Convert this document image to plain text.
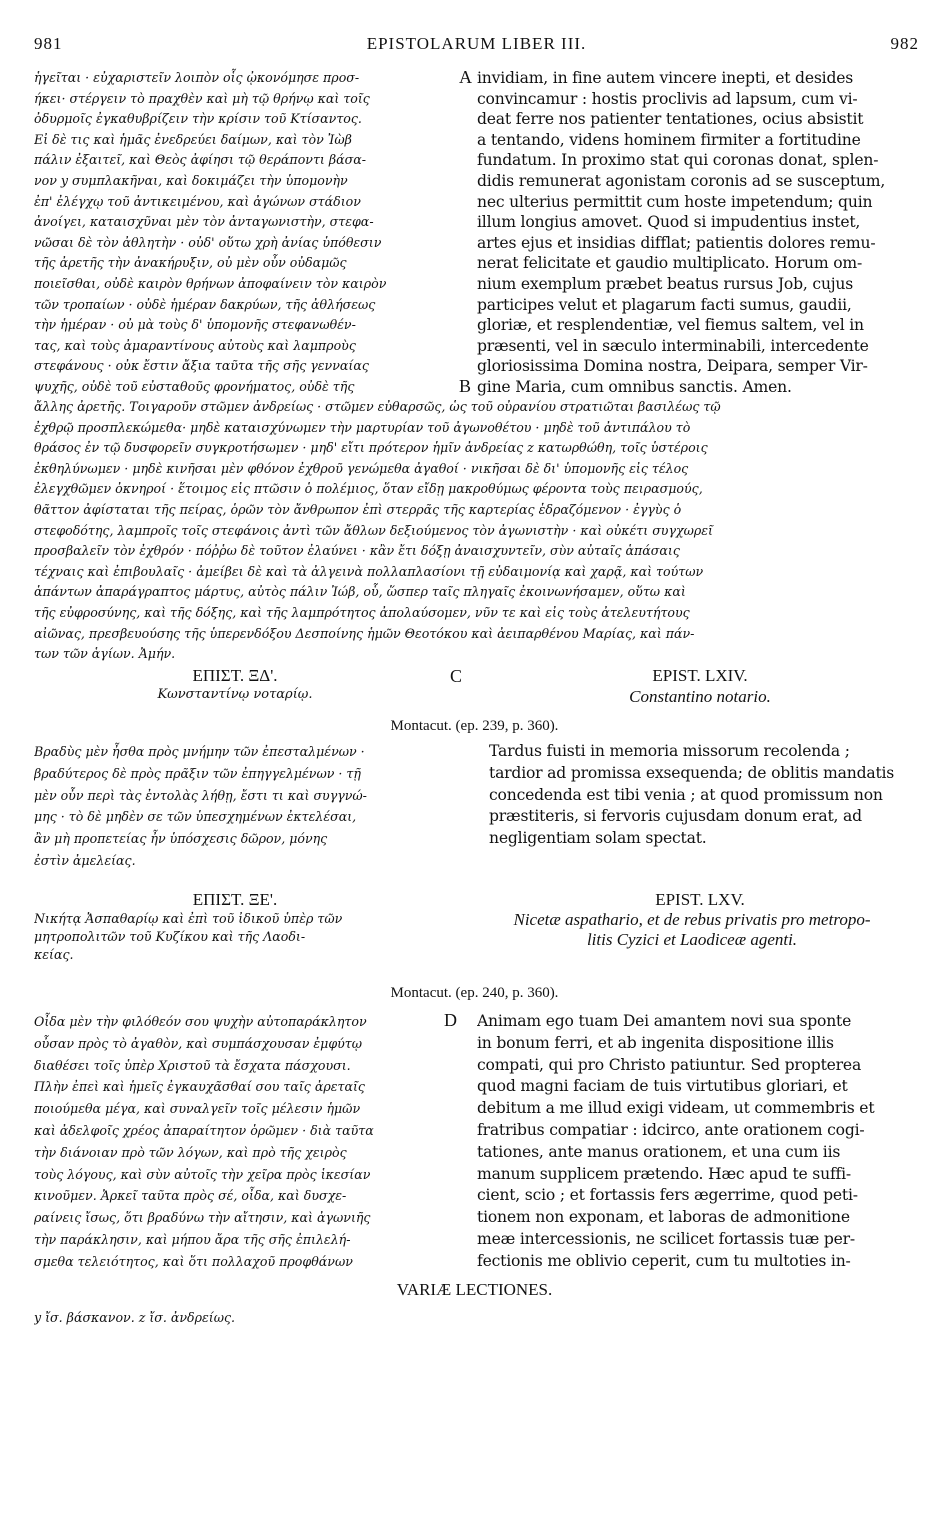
981	EPISTOLARUM LIBER III.	982
ἡγεῖται · εὐχαριστεῖν λοιπὸν οἷς ᾠκονόμησε προσ-
ήκει· στέργειν τὸ πραχθὲν καὶ μὴ τῷ θρήνῳ καὶ τοῖς
ὀδυρμοῖς ἐγκαθυβρίζειν τὴν κρίσιν τοῦ Κτίσαντος.
Εἰ δὲ τις καὶ ἡμᾶς ἐνεδρεύει δαίμων, καὶ τὸν Ἰὼβ
πάλιν ἐξαιτεῖ, καὶ Θεὸς ἀφίησι τῷ θεράποντι βάσα-
νον y συμπλακῆναι, καὶ δοκιμάζει τὴν ὑπομονὴν
ἐπ' ἐλέγχῳ τοῦ ἀντικειμένου, καὶ ἀγώνων στάδιον
ἀνοίγει, καταισχῦναι μὲν τὸν ἀνταγωνιστὴν, στεφα-
νῶσαι δὲ τὸν ἀθλητὴν · οὐδ' οὕτω χρὴ ἀνίας ὑπόθεσιν
τῆς ἀρετῆς τὴν ἀνακήρυξιν, οὐ μὲν οὖν οὐδαμῶς
ποιεῖσθαι, οὐδὲ καιρὸν θρήνων ἀποφαίνειν τὸν καιρὸν
τῶν τροπαίων · οὐδὲ ἡμέραν δακρύων, τῆς ἀθλήσεως
τὴν ἡμέραν · οὐ μὰ τοὺς δ' ὑπομονῆς στεφανωθέν-
τας, καὶ τοὺς ἀμαραντίνους αὐτοὺς καὶ λαμπροὺς
στεφάνους · οὐκ ἔστιν ἄξια ταῦτα τῆς σῆς γενναίας
ψυχῆς, οὐδὲ τοῦ εὐσταθοῦς φρονήματος, οὐδὲ τῆς
A
B
invidiam, in fine autem vincere inepti, et desides
convincamur : hostis proclivis ad lapsum, cum vi-
deat ferre nos patienter tentationes, ocius absistit
a tentando, videns hominem firmiter a fortitudine
fundatum. In proximo stat qui coronas donat, splen-
didis remunerat agonistam coronis ad se susceptum,
nec ulterius permittit cum hoste impetendum; quin
illum longius amovet. Quod si impudentius instet,
artes ejus et insidias difflat; patientis dolores remu-
nerat felicitate et gaudio multiplicato. Horum om-
nium exemplum præbet beatus rursus Job, cujus
participes velut et plagarum facti sumus, gaudii,
gloriæ, et resplendentiæ, vel fiemus saltem, vel in
præsenti, vel in sæculo interminabili, intercedente
gloriosissima Domina nostra, Deipara, semper Vir-
gine Maria, cum omnibus sanctis. Amen.
ἄλλης ἀρετῆς. Τοιγαροῦν στῶμεν ἀνδρείως · στῶμεν εὐθαρσῶς, ὡς τοῦ οὐρανίου στρατιῶται βασιλέως τῷ
ἐχθρῷ προσπλεκώμεθα· μηδὲ καταισχύνωμεν τὴν μαρτυρίαν τοῦ ἀγωνοθέτου · μηδὲ τοῦ ἀντιπάλου τὸ
θράσος ἐν τῷ δυσφορεῖν συγκροτήσωμεν · μηδ' εἴτι πρότερον ἡμῖν ἀνδρείας z κατωρθώθη, τοῖς ὑστέροις
ἐκθηλύνωμεν · μηδὲ κινῆσαι μὲν φθόνον ἐχθροῦ γενώμεθα ἀγαθοί · νικῆσαι δὲ δι' ὑπομονῆς εἰς τέλος
ἐλεγχθῶμεν ὀκνηροί · ἕτοιμος εἰς πτῶσιν ὁ πολέμιος, ὅταν εἴδῃ μακροθύμως φέροντα τοὺς πειρασμούς,
θᾶττον ἀφίσταται τῆς πείρας, ὁρῶν τὸν ἄνθρωπον ἐπὶ στερρᾶς τῆς καρτερίας ἑδραζόμενον · ἐγγὺς ὁ
στεφοδότης, λαμπροῖς τοῖς στεφάνοις ἀντὶ τῶν ἄθλων δεξιούμενος τὸν ἀγωνιστὴν · καὶ οὐκέτι συγχωρεῖ
προσβαλεῖν τὸν ἐχθρόν · πόῤῥω δὲ τοῦτον ἐλαύνει · κἂν ἔτι δόξῃ ἀναισχυντεῖν, σὺν αὐταῖς ἁπάσαις
τέχναις καὶ ἐπιβουλαῖς · ἀμείβει δὲ καὶ τὰ ἀλγεινὰ πολλαπλασίονι τῇ εὐδαιμονίᾳ καὶ χαρᾷ, καὶ τούτων
ἁπάντων ἀπαράγραπτος μάρτυς, αὐτὸς πάλιν Ἰώβ, οὗ, ὥσπερ ταῖς πληγαῖς ἐκοινωνήσαμεν, οὕτω καὶ
τῆς εὐφροσύνης, καὶ τῆς δόξης, καὶ τῆς λαμπρότητος ἀπολαύσομεν, νῦν τε καὶ εἰς τοὺς ἀτελευτήτους
αἰῶνας, πρεσβευούσης τῆς ὑπερενδόξου Δεσποίνης ἡμῶν Θεοτόκου καὶ ἀειπαρθένου Μαρίας, καὶ πάν-
των τῶν ἁγίων. Ἀμήν.
ΕΠΙΣΤ. ΞΔ'.
Κωνσταντίνῳ νοταρίῳ.
C	EPIST. LXIV.
Constantino notario.
Montacut. (ep. 239, p. 360).
Βραδὺς μὲν ἦσθα πρὸς μνήμην τῶν ἐπεσταλμένων ·
βραδύτερος δὲ πρὸς πρᾶξιν τῶν ἐπηγγελμένων · τῇ
μὲν οὖν περὶ τὰς ἐντολὰς λήθῃ, ἔστι τι καὶ συγγνώ-
μης · τὸ δὲ μηδὲν σε τῶν ὑπεσχημένων ἐκτελέσαι,
ἂν μὴ προπετείας ἦν ὑπόσχεσις δῶρον, μόνης
ἐστὶν ἀμελείας.
Tardus fuisti in memoria missorum recolenda ;
tardior ad promissa exsequenda; de oblitis mandatis
concedenda est tibi venia ; at quod promissum non
præstiteris, si fervoris cujusdam donum erat, ad
negligentiam solam spectat.
ΕΠΙΣΤ. ΞΕ'.
Νικήτᾳ Ἀσπαθαρίῳ καὶ ἐπὶ τοῦ ἰδικοῦ ὑπὲρ τῶν
μητροπολιτῶν τοῦ Κυζίκου καὶ τῆς Λαοδι-
κείας.
EPIST. LXV.
Nicetæ aspathario, et de rebus privatis pro metropo-
litis Cyzici et Laodiceæ agenti.
Montacut. (ep. 240, p. 360).
Οἶδα μὲν τὴν φιλόθεόν σου ψυχὴν αὐτοπαράκλητον
οὖσαν πρὸς τὸ ἀγαθὸν, καὶ συμπάσχουσαν ἐμφύτῳ
διαθέσει τοῖς ὑπὲρ Χριστοῦ τὰ ἔσχατα πάσχουσι.
Πλὴν ἐπεὶ καὶ ἡμεῖς ἐγκαυχᾶσθαί σου ταῖς ἀρεταῖς
ποιούμεθα μέγα, καὶ συναλγεῖν τοῖς μέλεσιν ἡμῶν
καὶ ἀδελφοῖς χρέος ἀπαραίτητον ὁρῶμεν · διὰ ταῦτα
τὴν διάνοιαν πρὸ τῶν λόγων, καὶ πρὸ τῆς χειρὸς
τοὺς λόγους, καὶ σὺν αὐτοῖς τὴν χεῖρα πρὸς ἱκεσίαν
κινοῦμεν. Ἀρκεῖ ταῦτα πρὸς σέ, οἶδα, καὶ δυσχε-
ραίνεις ἴσως, ὅτι βραδύνω τὴν αἴτησιν, καὶ ἀγωνιῆς
τὴν παράκλησιν, καὶ μήπου ἄρα τῆς σῆς ἐπιλελή-
σμεθα τελειότητος, καὶ ὅτι πολλαχοῦ προφθάνων
D Animam ego tuam Dei amantem novi sua sponte
in bonum ferri, et ab ingenita dispositione illis
compati, qui pro Christo patiuntur. Sed propterea
quod magni faciam de tuis virtutibus gloriari, et
debitum a me illud exigi videam, ut commembris et
fratribus compatiar : idcirco, ante orationem cogi-
tationes, ante manus orationem, et una cum iis
manum supplicem prætendo. Hæc apud te suffi-
cient, scio ; et fortassis fers ægerrime, quod peti-
tionem non exponam, et laboras de admonitione
meæ intercessionis, ne scilicet fortassis tuæ per-
fectionis me oblivio ceperit, cum tu multoties in-
VARIÆ LECTIONES.
y ἴσ. βάσκανον. z ἴσ. ἀνδρείως.
